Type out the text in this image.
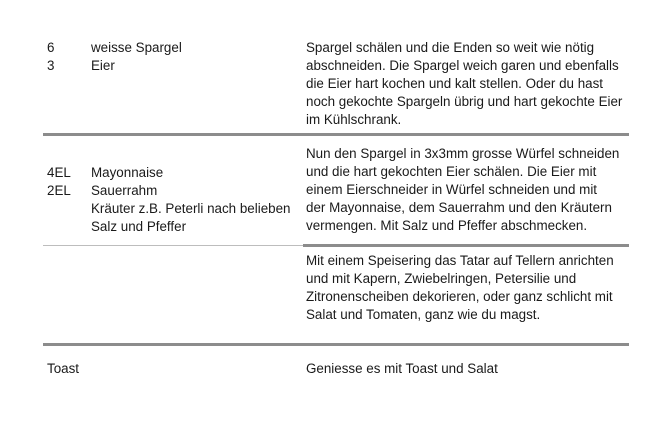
6
3
weisse Spargel
Eier
Spargel schälen und die Enden so weit wie nötig
abschneiden. Die Spargel weich garen und ebenfalls
die Eier hart kochen und kalt stellen. Oder du hast
noch gekochte Spargeln übrig und hart gekochte Eier
im Kühlschrank.
4EL
2EL
Mayonnaise
Sauerrahm
Kräuter z.B. Peterli nach belieben
Salz und Pfeffer
Nun den Spargel in 3x3mm grosse Würfel schneiden
und die hart gekochten Eier schälen. Die Eier mit
einem Eierschneider in Würfel schneiden und mit
der Mayonnaise, dem Sauerrahm und den Kräutern
vermengen. Mit Salz und Pfeffer abschmecken.
Mit einem Speisering das Tatar auf Tellern anrichten
und mit Kapern, Zwiebelringen, Petersilie und
Zitronenscheiben dekorieren, oder ganz schlicht mit
Salat und Tomaten, ganz wie du magst.
Toast	Geniesse es mit Toast und Salat
